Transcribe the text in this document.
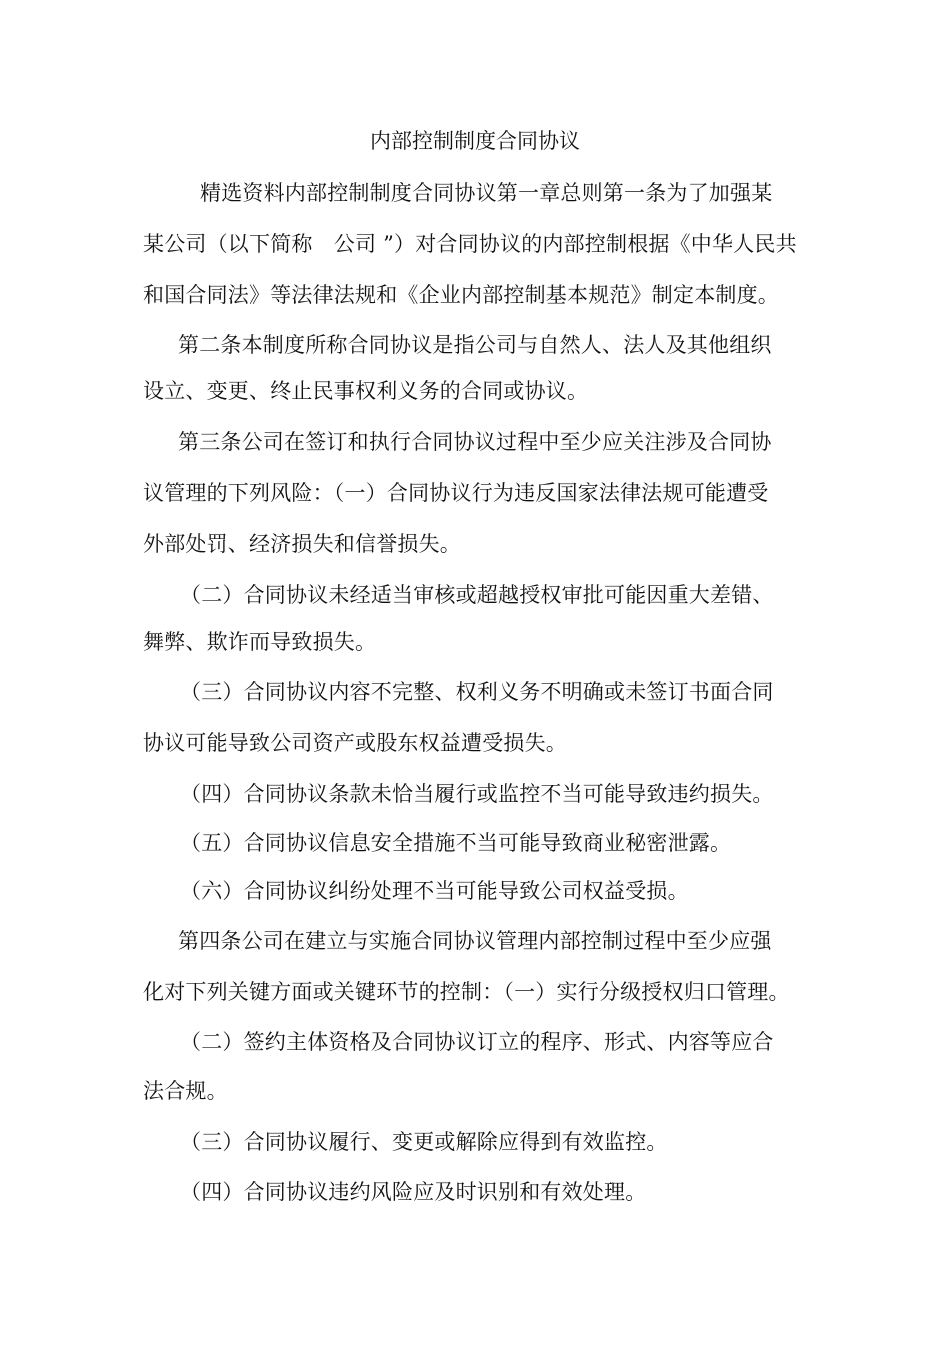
内部控制制度合同协议
精选资料内部控制制度合同协议第一章总则第一条为了加强某
某公司（以下简称　公司 ”）对合同协议的内部控制根据《中华人民共
和国合同法》等法律法规和《企业内部控制基本规范》制定本制度。
第二条本制度所称合同协议是指公司与自然人、法人及其他组织
设立、变更、终止民事权利义务的合同或协议。
第三条公司在签订和执行合同协议过程中至少应关注涉及合同协
议管理的下列风险：（一）合同协议行为违反国家法律法规可能遭受
外部处罚、经济损失和信誉损失。
（二）合同协议未经适当审核或超越授权审批可能因重大差错、
舞弊、欺诈而导致损失。
（三）合同协议内容不完整、权利义务不明确或未签订书面合同
协议可能导致公司资产或股东权益遭受损失。
（四）合同协议条款未恰当履行或监控不当可能导致违约损失。
（五）合同协议信息安全措施不当可能导致商业秘密泄露。
（六）合同协议纠纷处理不当可能导致公司权益受损。
第四条公司在建立与实施合同协议管理内部控制过程中至少应强
化对下列关键方面或关键环节的控制：（一）实行分级授权归口管理。
（二）签约主体资格及合同协议订立的程序、形式、内容等应合
法合规。
（三）合同协议履行、变更或解除应得到有效监控。
（四）合同协议违约风险应及时识别和有效处理。
